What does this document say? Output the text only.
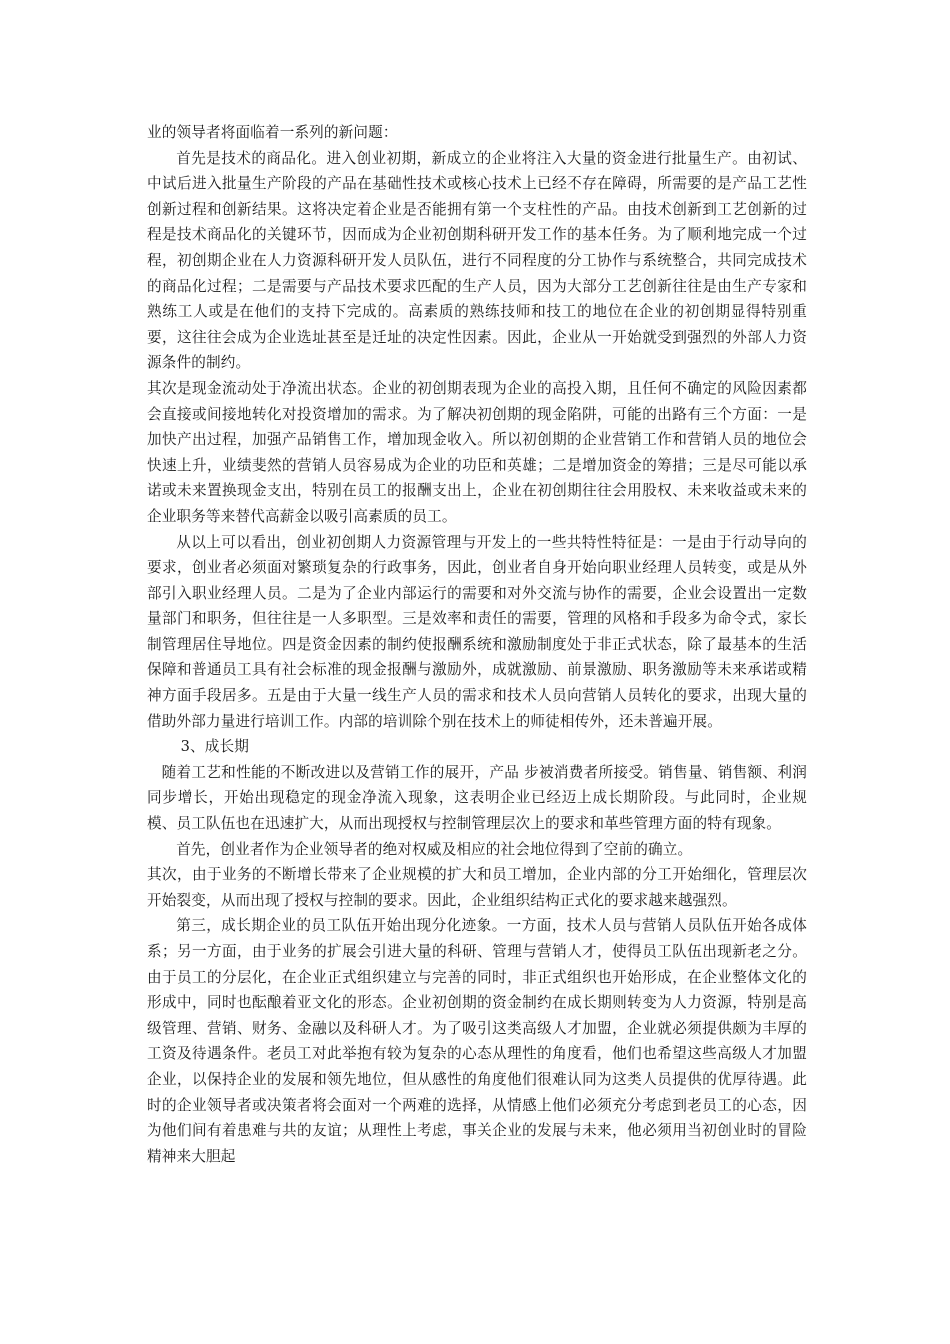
业的领导者将面临着一系列的新问题：

首先是技术的商品化。进入创业初期，新成立的企业将注入大量的资金进行批量生产。由初试、中试后进入批量生产阶段的产品在基础性技术或核心技术上已经不存在障碍，所需要的是产品工艺性创新过程和创新结果。这将决定着企业是否能拥有第一个支柱性的产品。由技术创新到工艺创新的过程是技术商品化的关键环节，因而成为企业初创期科研开发工作的基本任务。为了顺利地完成一个过程，初创期企业在人力资源科研开发人员队伍，进行不同程度的分工协作与系统整合，共同完成技术的商品化过程；二是需要与产品技术要求匹配的生产人员，因为大部分工艺创新往往是由生产专家和熟练工人或是在他们的支持下完成的。高素质的熟练技师和技工的地位在企业的初创期显得特别重要，这往往会成为企业选址甚至是迁址的决定性因素。因此，企业从一开始就受到强烈的外部人力资源条件的制约。

其次是现金流动处于净流出状态。企业的初创期表现为企业的高投入期，且任何不确定的风险因素都会直接或间接地转化对投资增加的需求。为了解决初创期的现金陷阱，可能的出路有三个方面：一是加快产出过程，加强产品销售工作，增加现金收入。所以初创期的企业营销工作和营销人员的地位会快速上升，业绩斐然的营销人员容易成为企业的功臣和英雄；二是增加资金的筹措；三是尽可能以承诺或未来置换现金支出，特别在员工的报酬支出上，企业在初创期往往会用股权、未来收益或未来的企业职务等来替代高薪金以吸引高素质的员工。

从以上可以看出，创业初创期人力资源管理与开发上的一些共特性特征是：一是由于行动导向的要求，创业者必须面对繁琐复杂的行政事务，因此，创业者自身开始向职业经理人员转变，或是从外部引入职业经理人员。二是为了企业内部运行的需要和对外交流与协作的需要，企业会设置出一定数量部门和职务，但往往是一人多职型。三是效率和责任的需要，管理的风格和手段多为命令式，家长制管理居住导地位。四是资金因素的制约使报酬系统和激励制度处于非正式状态，除了最基本的生活保障和普通员工具有社会标准的现金报酬与激励外，成就激励、前景激励、职务激励等未来承诺或精神方面手段居多。五是由于大量一线生产人员的需求和技术人员向营销人员转化的要求，出现大量的借助外部力量进行培训工作。内部的培训除个别在技术上的师徒相传外，还未普遍开展。

3、成长期

随着工艺和性能的不断改进以及营销工作的展开，产品 步被消费者所接受。销售量、销售额、利润同步增长，开始出现稳定的现金净流入现象，这表明企业已经迈上成长期阶段。与此同时，企业规模、员工队伍也在迅速扩大，从而出现授权与控制管理层次上的要求和革些管理方面的特有现象。

首先，创业者作为企业领导者的绝对权威及相应的社会地位得到了空前的确立。

其次，由于业务的不断增长带来了企业规模的扩大和员工增加，企业内部的分工开始细化，管理层次开始裂变，从而出现了授权与控制的要求。因此，企业组织结构正式化的要求越来越强烈。

第三，成长期企业的员工队伍开始出现分化迹象。一方面，技术人员与营销人员队伍开始各成体系；另一方面，由于业务的扩展会引进大量的科研、管理与营销人才，使得员工队伍出现新老之分。由于员工的分层化，在企业正式组织建立与完善的同时，非正式组织也开始形成，在企业整体文化的形成中，同时也酝酿着亚文化的形态。企业初创期的资金制约在成长期则转变为人力资源，特别是高级管理、营销、财务、金融以及科研人才。为了吸引这类高级人才加盟，企业就必须提供颇为丰厚的工资及待遇条件。老员工对此举抱有较为复杂的心态从理性的角度看，他们也希望这些高级人才加盟企业，以保持企业的发展和领先地位，但从感性的角度他们很难认同为这类人员提供的优厚待遇。此时的企业领导者或决策者将会面对一个两难的选择，从情感上他们必须充分考虑到老员工的心态，因为他们间有着患难与共的友谊；从理性上考虑，事关企业的发展与未来，他必须用当初创业时的冒险精神来大胆起
